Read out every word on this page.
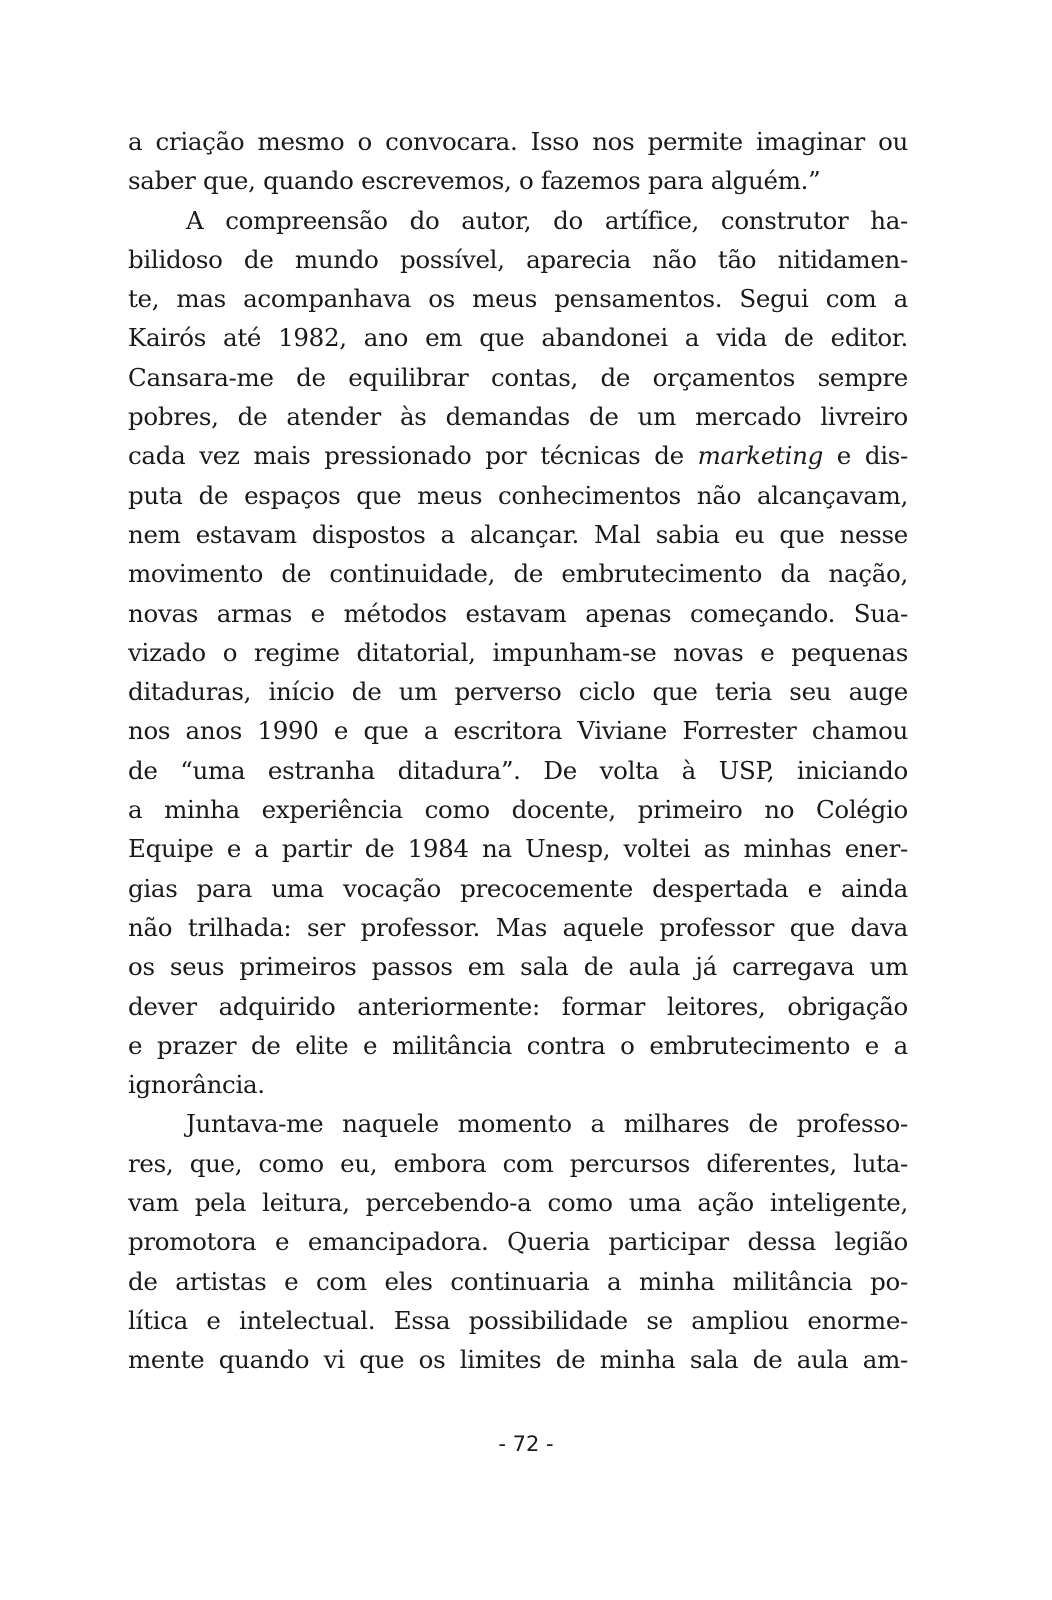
a criação mesmo o convocara. Isso nos permite imaginar ou
saber que, quando escrevemos, o fazemos para alguém.”
A compreensão do autor, do artífice, construtor ha-
bilidoso de mundo possível, aparecia não tão nitidamen-
te, mas acompanhava os meus pensamentos. Segui com a
Kairós até 1982, ano em que abandonei a vida de editor.
Cansara-me de equilibrar contas, de orçamentos sempre
pobres, de atender às demandas de um mercado livreiro
cada vez mais pressionado por técnicas de marketing e dis-
puta de espaços que meus conhecimentos não alcançavam,
nem estavam dispostos a alcançar. Mal sabia eu que nesse
movimento de continuidade, de embrutecimento da nação,
novas armas e métodos estavam apenas começando. Sua-
vizado o regime ditatorial, impunham-se novas e pequenas
ditaduras, início de um perverso ciclo que teria seu auge
nos anos 1990 e que a escritora Viviane Forrester chamou
de “uma estranha ditadura”. De volta à USP, iniciando
a minha experiência como docente, primeiro no Colégio
Equipe e a partir de 1984 na Unesp, voltei as minhas ener-
gias para uma vocação precocemente despertada e ainda
não trilhada: ser professor. Mas aquele professor que dava
os seus primeiros passos em sala de aula já carregava um
dever adquirido anteriormente: formar leitores, obrigação
e prazer de elite e militância contra o embrutecimento e a
ignorância.
Juntava-me naquele momento a milhares de professo-
res, que, como eu, embora com percursos diferentes, luta-
vam pela leitura, percebendo-a como uma ação inteligente,
promotora e emancipadora. Queria participar dessa legião
de artistas e com eles continuaria a minha militância po-
lítica e intelectual. Essa possibilidade se ampliou enorme-
mente quando vi que os limites de minha sala de aula am-
- 72 -
